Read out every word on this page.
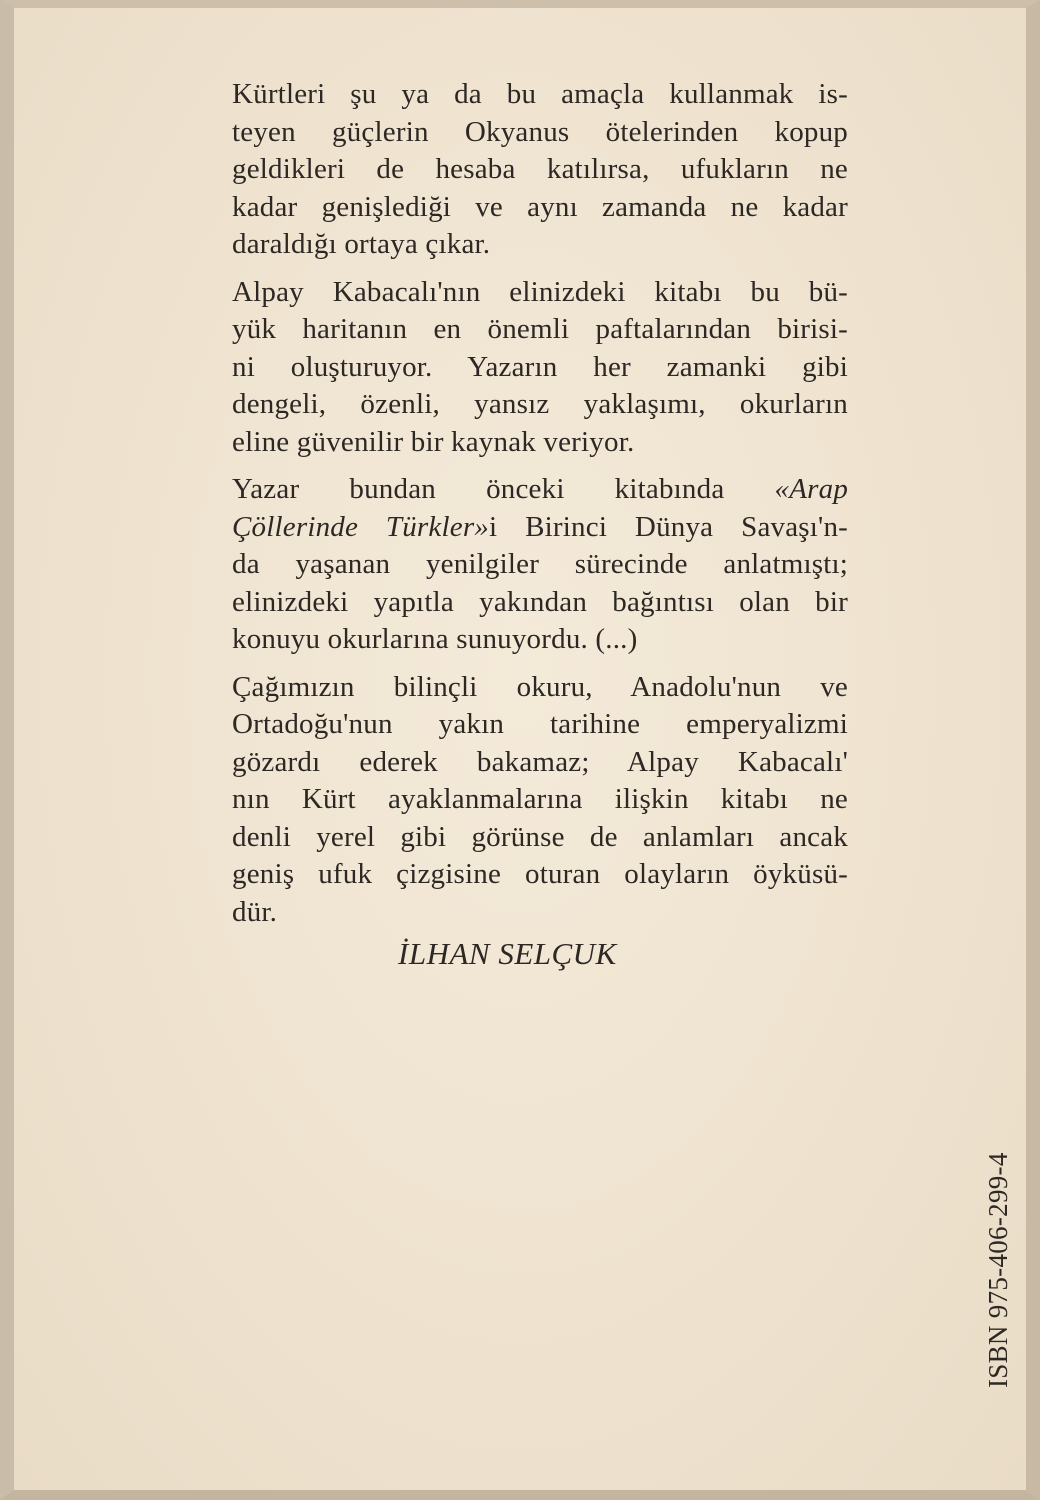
Kürtleri şu ya da bu amaçla kullanmak is-
teyen güçlerin Okyanus ötelerinden kopup
geldikleri de hesaba katılırsa, ufukların ne
kadar genişlediği ve aynı zamanda ne kadar
daraldığı ortaya çıkar.

Alpay Kabacalı'nın elinizdeki kitabı bu bü-
yük haritanın en önemli paftalarından birisi-
ni oluşturuyor. Yazarın her zamanki gibi
dengeli, özenli, yansız yaklaşımı, okurların
eline güvenilir bir kaynak veriyor.

Yazar bundan önceki kitabında «Arap
Çöllerinde Türkler»i Birinci Dünya Savaşı'n-
da yaşanan yenilgiler sürecinde anlatmıştı;
elinizdeki yapıtla yakından bağıntısı olan bir
konuyu okurlarına sunuyordu. (...)

Çağımızın bilinçli okuru, Anadolu'nun ve
Ortadoğu'nun yakın tarihine emperyalizmi
gözardı ederek bakamaz; Alpay Kabacalı'
nın Kürt ayaklanmalarına ilişkin kitabı ne
denli yerel gibi görünse de anlamları ancak
geniş ufuk çizgisine oturan olayların öyküsü-
dür.

İLHAN SELÇUK
ISBN 975-406-299-4
